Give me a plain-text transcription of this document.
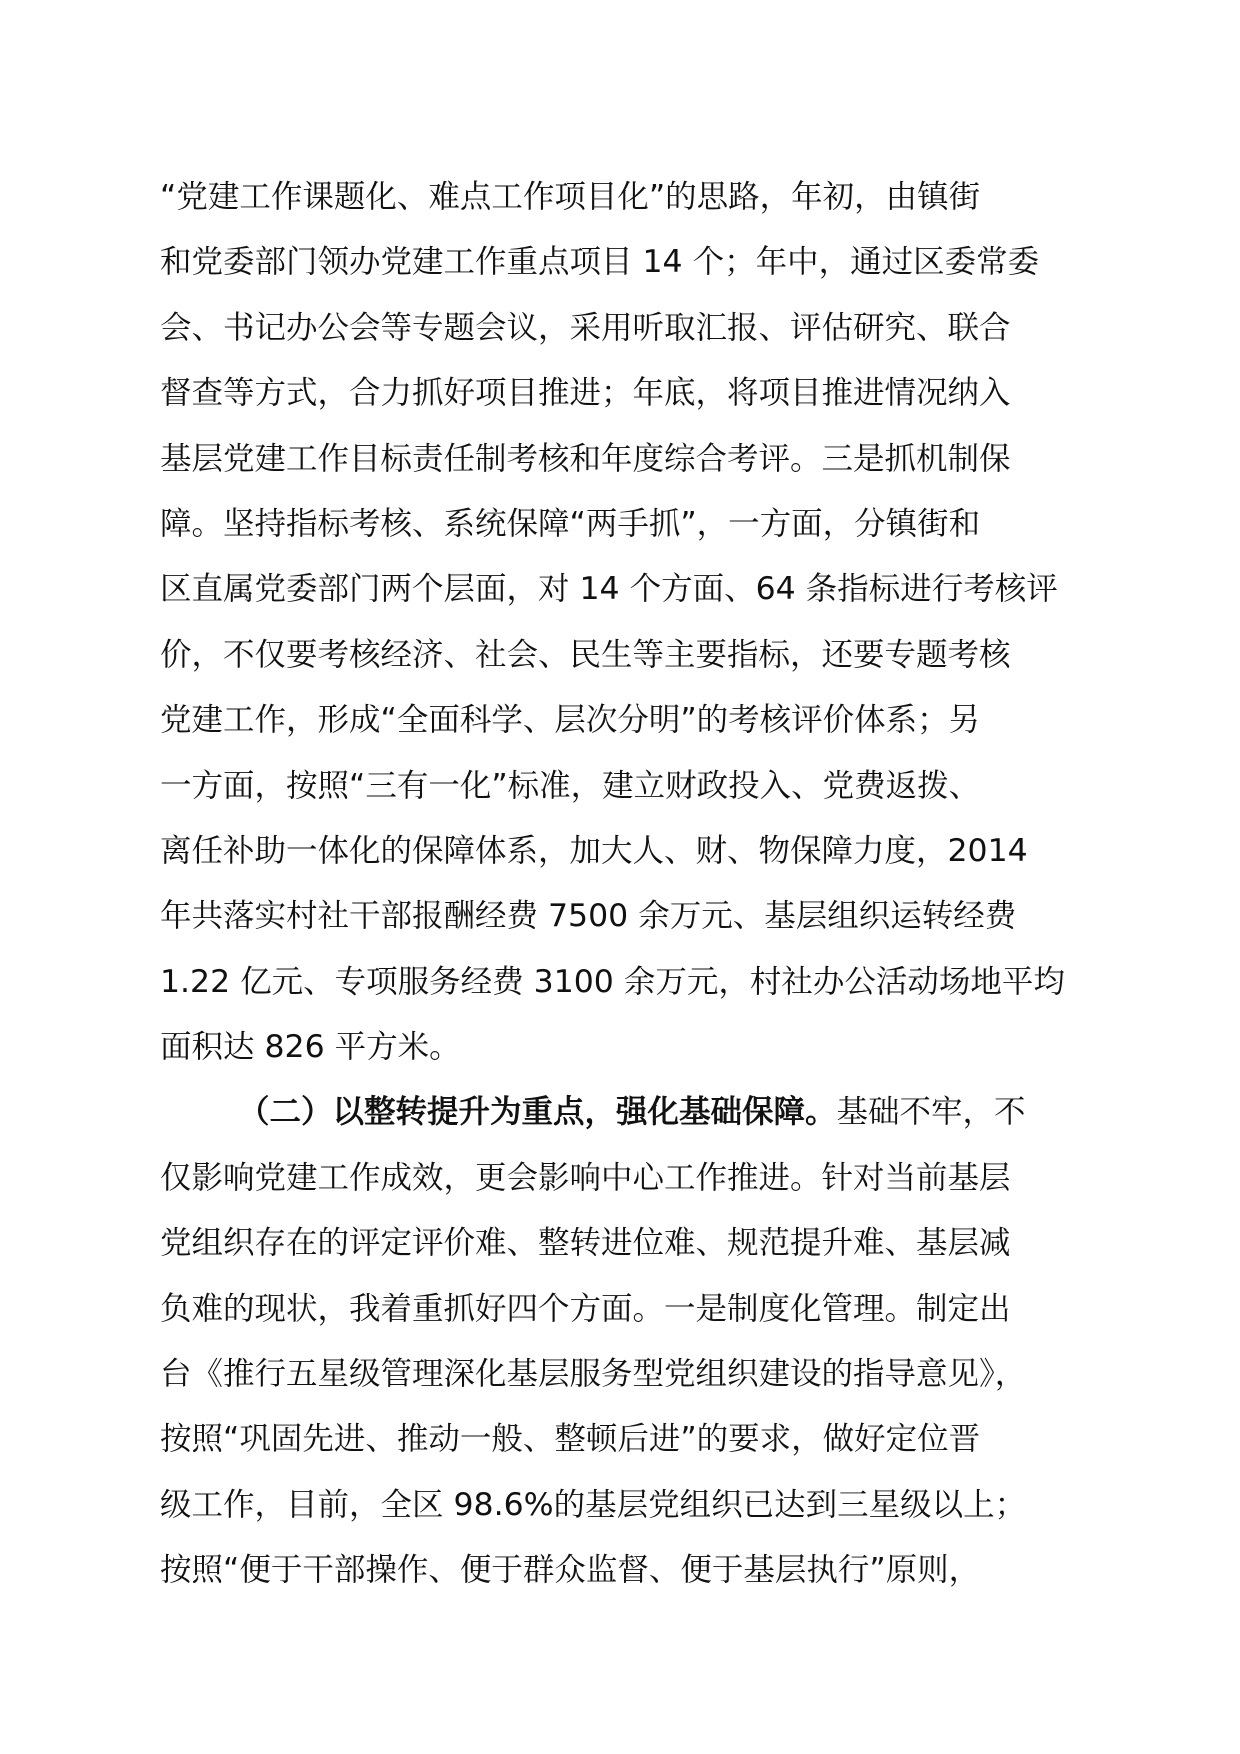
“党建工作课题化、难点工作项目化”的思路，年初，由镇街
和党委部门领办党建工作重点项目 14 个；年中，通过区委常委
会、书记办公会等专题会议，采用听取汇报、评估研究、联合
督查等方式，合力抓好项目推进；年底，将项目推进情况纳入
基层党建工作目标责任制考核和年度综合考评。三是抓机制保
障。坚持指标考核、系统保障“两手抓”，一方面，分镇街和
区直属党委部门两个层面，对 14 个方面、64 条指标进行考核评
价，不仅要考核经济、社会、民生等主要指标，还要专题考核
党建工作，形成“全面科学、层次分明”的考核评价体系；另
一方面，按照“三有一化”标准，建立财政投入、党费返拨、
离任补助一体化的保障体系，加大人、财、物保障力度，2014
年共落实村社干部报酬经费 7500 余万元、基层组织运转经费
1.22 亿元、专项服务经费 3100 余万元，村社办公活动场地平均
面积达 826 平方米。
（二）以整转提升为重点，强化基础保障。基础不牢，不
仅影响党建工作成效，更会影响中心工作推进。针对当前基层
党组织存在的评定评价难、整转进位难、规范提升难、基层减
负难的现状，我着重抓好四个方面。一是制度化管理。制定出
台《推行五星级管理深化基层服务型党组织建设的指导意见》，
按照“巩固先进、推动一般、整顿后进”的要求，做好定位晋
级工作，目前，全区 98.6%的基层党组织已达到三星级以上；
按照“便于干部操作、便于群众监督、便于基层执行”原则，
